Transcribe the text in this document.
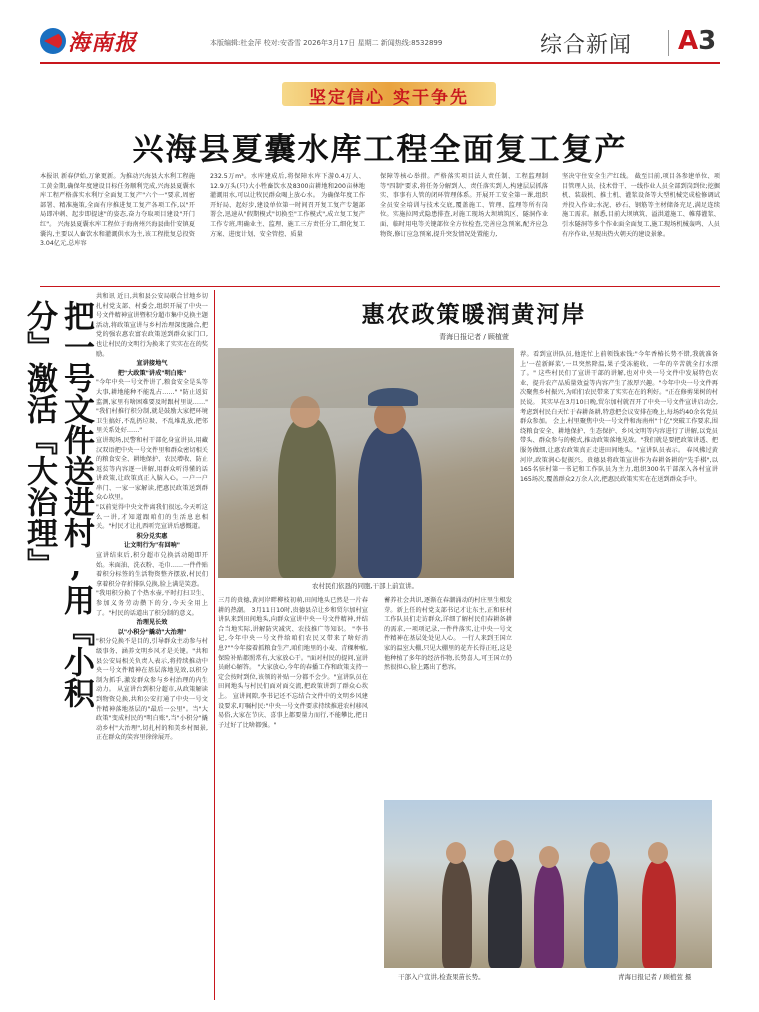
海南报	本版编辑:杜金萍 校对:安香雪 2026年3月17日 星期二 新闻热线:8532899	综合新闻 A3
坚定信心 实干争先
兴海县夏囊水库工程全面复工复产
本报讯 新春伊始,万象更新。为推动兴海县大水利工程施工黄金期,确保年度建设目标任务顺利完成,兴海县夏囊水库工程严格落实水利厅全面复工复产"六个一"要求,周密部署、精准施策,全面有序推进复工复产各项工作,以"开局即冲刺、起步即提速"的姿态,奋力夺取项目建设"开门红"。 兴海县夏囊水库工程位于海南州兴海县曲什安镇夏囊沟,主要以人畜饮水和灌溉供水为主,该工程批复总投资3.04亿元,总库容
232.5万m³。水库建成后,将保障水库下游0.4万人、12.9万头(只)大小牲畜饮水及8300亩耕地和200亩林地灌溉用水,可以让牧民群众喝上放心水。 为确保年度工作开好局、起好步,建设单位第一时间召开复工复产专题部署会,迅速从"假期模式"切换至"工作模式",成立复工复产工作专班,明确业主、监理、施工三方责任分工,细化复工方案、进度计划、安全管控、质量
保障等核心举措。严格落实项目法人责任制、工程监理制等"四制"要求,将任务分解到人、责任落实到人,构建层层抓落实、事事有人管的闭环管理体系。开展开工安全第一课,组织全员安全培训与技术交底,覆盖施工、管理、监理等所有岗位。实施拉网式隐患排查,对施工现场大坝填筑区、隧洞作业面、临时用电等关键部位全方位检查,完善应急预案,配齐应急物资,修订应急预案,提升突发情况处置能力,
坚决守住安全生产红线。 截至目前,项目各参建单位、项目管理人员、技术骨干、一线作业人员全部到岗到位;挖掘机、装载机、推土机、灌浆设备等大型机械完成检修调试并投入作业;水泥、砂石、钢筋等主材储备充足,满足连续施工需求。据悉,目前大坝填筑、溢洪道施工、帷幕灌浆、引水隧洞等多个作业面全面复工,施工现场机械轰鸣、人员有序作业,呈现出热火朝天的建设景象。
把一号文件送进村,用『小积分』激活『大治理』
共和讯 近日,共和县公安局联合甘地乡切扎村党支部、村委会,组织开展了中央一号文件精神宣讲暨积分超市集中兑换主题活动,将政策宣讲与乡村治理深度融合,把党的强农惠农富农政策送到群众家门口,也让村民的文明行为换来了实实在在的奖励。
宣讲接地气
把"大政策"讲成"明白账"
"今年中央一号文件讲了,粮食安全是头等大事,耕地能种不能乱占……" "防止返贫监测,家里有啥困难要及时跟村里说……" "我们村推行积分制,就是鼓励大家把环境卫生搞好,不乱扔垃圾、不乱堆乱放,把邻里关系处好……"
宣讲现场,民警和村干部化身宣讲员,用藏汉双语把中央一号文件里和群众密切相关的粮食安全、耕地保护、农民增收、防止返贫等内容逐一讲解,用群众听得懂的话讲政策,让政策真正入脑入心。一户一户串门、一家一家解读,把惠民政策送到群众心坎里。
"以前觉得中央文件离我们很远,今天听这么一讲,才知道跟咱们的生活息息相关。"村民才让扎西听完宣讲后感慨道。
积分兑实惠
让文明行为"有回响"
宣讲结束后,积分超市兑换活动随即开始。米面油、洗衣粉、毛巾……一件件贴着积分标签的生活物资整齐摆放,村民们拿着积分存折排队兑换,脸上满是笑意。
"我用积分换了个热水壶,平时打扫卫生、参加义务劳动攒下的分,今天全用上了。"村民的话道出了积分制的意义。
治理见长效
以"小积分"撬动"大治理"
"积分兑换不是目的,引导群众主动参与村级事务、涵养文明乡风才是关键。"共和县公安局相关负责人表示,将持续推动中央一号文件精神在基层落地见效,以积分制为抓手,激发群众参与乡村治理的内生动力。 从宣讲台到积分超市,从政策解读到物资兑换,共和公安打通了中央一号文件精神落地基层的"最后一公里"。当"大政策"变成村民的"明白账",当"小积分"撬动乡村"大治理",切扎村的和美乡村图景,正在群众的笑容里徐徐展开。
惠农政策暖润黄河岸
青海日报记者 / 顾植萱
农村民们依恳的同胞,干部上前宣讲。
荐。看到宣讲队员,他连忙上前领钱索钱:"今年香椿长势不错,我就准备上'一茬新鲜菜',一旦突然降温,果子受冻能收、一年的辛苦就全打水漂了。" 这些村民们了宣讲干部的讲解,也对中央一号文件中发展特色农业、提升农产品质量效益等内容产生了浓厚兴趣。"今年中央一号文件再次聚焦乡村振兴,为咱们农民带来了实实在在的利好。"正在修剪果树的村民说。 其实早在3月10日晚,贸尔加村就召开了中央一号文件宣讲启动会,考虑到村民白天忙于春耕备耕,特意把会议安排在晚上,每场约40余名党员群众参加。 会上,村里聚焦中央一号文件和海南州"十亿"突破工作要求,围绕粮食安全、耕地保护、生态保护、乡风文明等内容进行了讲解,以党员带头、群众参与的模式,推动政策落地见效。"我们就是要把政策讲透、把服务做细,让惠农政策真正走进田间地头。"宣讲队员表示。 春风拂过黄河岸,政策润心促振兴。贵德县将政策宣讲作为春耕备耕的"先手棋",以165名驻村第一书记和工作队员为主力,组织300名干部深入各村宣讲165场次,覆盖群众2万余人次,把惠民政策实实在在送到群众手中。
三月的贵德,黄河岸畔柳枝初萌,田间地头已然是一片春耕的热潮。 3月11日10时,贵德县尕让乡和贸尔加村宣讲队来到田间地头,向群众宣讲中央一号文件精神,并结合当地实际,讲解防灾减灾、农技推广等知识。 "李书记,今年中央一号文件给咱们农民又带来了啥好消息?""今年接着抓粮食生产,咱们地里的小麦、青稞种植,保险补贴都照常有,大家放心干。"面对村民的提问,宣讲员耐心解答。 "大家放心,今年的春播工作和政策支持一定会按时到位,该领的补贴一分都不会少。"宣讲队员在田间地头与村民们面对面交流,把政策讲到了群众心坎上。 宣讲间隙,李书记还不忘结合文件中的文明乡风建设要求,叮嘱村民:"中央一号文件要求持续推进农村移风易俗,大家在节庆、喜事上都要量力而行,不能攀比,把日子过好了比啥都强。"
蓄养社会共识,逐渐在春潮涌动的村庄里生根发芽。新上任的村党支部书记才让东主,正和驻村工作队员们走访群众,详细了解村民们春耕备耕的需求,一项项记录,一件件落实,让中央一号文件精神在基层处处见人心。 一行人来到王国立家的温室大棚,只见大棚里的花卉长得正旺,这是他种植了多年的经济作物,长势喜人,可王国立仍然很担心,脸上露出了愁容。
干部入户宣讲,检查果苗长势。	青海日报记者 / 顾植萱 摄
